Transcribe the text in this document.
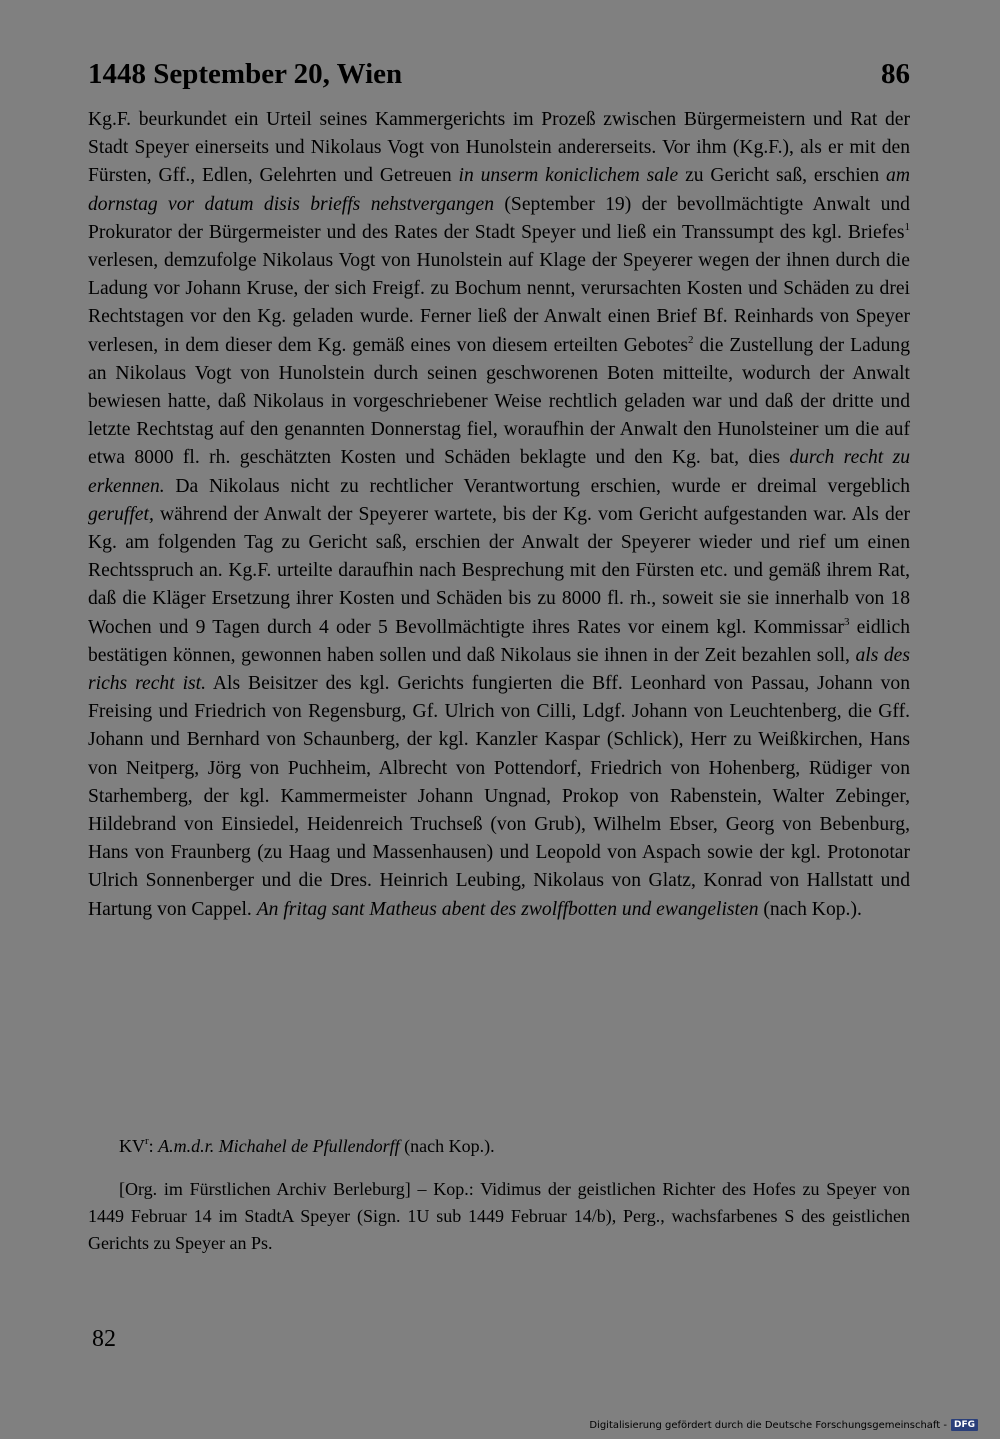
1448 September 20, Wien	86
Kg.F. beurkundet ein Urteil seines Kammergerichts im Prozeß zwischen Bürgermeistern und Rat der Stadt Speyer einerseits und Nikolaus Vogt von Hunolstein andererseits. Vor ihm (Kg.F.), als er mit den Fürsten, Gff., Edlen, Gelehrten und Getreuen in unserm koniclichem sale zu Gericht saß, erschien am dornstag vor datum disis brieffs nehstvergangen (September 19) der bevollmächtigte Anwalt und Prokurator der Bürgermeister und des Rates der Stadt Speyer und ließ ein Transsumpt des kgl. Briefes$^1$ verlesen, demzufolge Nikolaus Vogt von Hunolstein auf Klage der Speyerer wegen der ihnen durch die Ladung vor Johann Kruse, der sich Freigf. zu Bochum nennt, verursachten Kosten und Schäden zu drei Rechtstagen vor den Kg. geladen wurde. Ferner ließ der Anwalt einen Brief Bf. Reinhards von Speyer verlesen, in dem dieser dem Kg. gemäß eines von diesem erteilten Gebotes$^2$ die Zustellung der Ladung an Nikolaus Vogt von Hunolstein durch seinen geschworenen Boten mitteilte, wodurch der Anwalt bewiesen hatte, daß Nikolaus in vorgeschriebener Weise rechtlich geladen war und daß der dritte und letzte Rechtstag auf den genannten Donnerstag fiel, woraufhin der Anwalt den Hunolsteiner um die auf etwa 8000 fl. rh. geschätzten Kosten und Schäden beklagte und den Kg. bat, dies durch recht zu erkennen. Da Nikolaus nicht zu rechtlicher Verantwortung erschien, wurde er dreimal vergeblich geruffet, während der Anwalt der Speyerer wartete, bis der Kg. vom Gericht aufgestanden war. Als der Kg. am folgenden Tag zu Gericht saß, erschien der Anwalt der Speyerer wieder und rief um einen Rechtsspruch an. Kg.F. urteilte daraufhin nach Besprechung mit den Fürsten etc. und gemäß ihrem Rat, daß die Kläger Ersetzung ihrer Kosten und Schäden bis zu 8000 fl. rh., soweit sie sie innerhalb von 18 Wochen und 9 Tagen durch 4 oder 5 Bevollmächtigte ihres Rates vor einem kgl. Kommissar$^3$ eidlich bestätigen können, gewonnen haben sollen und daß Nikolaus sie ihnen in der Zeit bezahlen soll, als des richs recht ist. Als Beisitzer des kgl. Gerichts fungierten die Bff. Leonhard von Passau, Johann von Freising und Friedrich von Regensburg, Gf. Ulrich von Cilli, Ldgf. Johann von Leuchtenberg, die Gff. Johann und Bernhard von Schaunberg, der kgl. Kanzler Kaspar (Schlick), Herr zu Weißkirchen, Hans von Neitperg, Jörg von Puchheim, Albrecht von Pottendorf, Friedrich von Hohenberg, Rüdiger von Starhemberg, der kgl. Kammermeister Johann Ungnad, Prokop von Rabenstein, Walter Zebinger, Hildebrand von Einsiedel, Heidenreich Truchseß (von Grub), Wilhelm Ebser, Georg von Bebenburg, Hans von Fraunberg (zu Haag und Massenhausen) und Leopold von Aspach sowie der kgl. Protonotar Ulrich Sonnenberger und die Dres. Heinrich Leubing, Nikolaus von Glatz, Konrad von Hallstatt und Hartung von Cappel. An fritag sant Matheus abent des zwolffbotten und ewangelisten (nach Kop.).
$KV^r$: A.m.d.r. Michahel de Pfullendorff (nach Kop.).
[Org. im Fürstlichen Archiv Berleburg] – Kop.: Vidimus der geistlichen Richter des Hofes zu Speyer von 1449 Februar 14 im StadtA Speyer (Sign. 1U sub 1449 Februar 14/b), Perg., wachsfarbenes S des geistlichen Gerichts zu Speyer an Ps.
82
Digitalisierung gefördert durch die Deutsche Forschungsgemeinschaft - DFG
